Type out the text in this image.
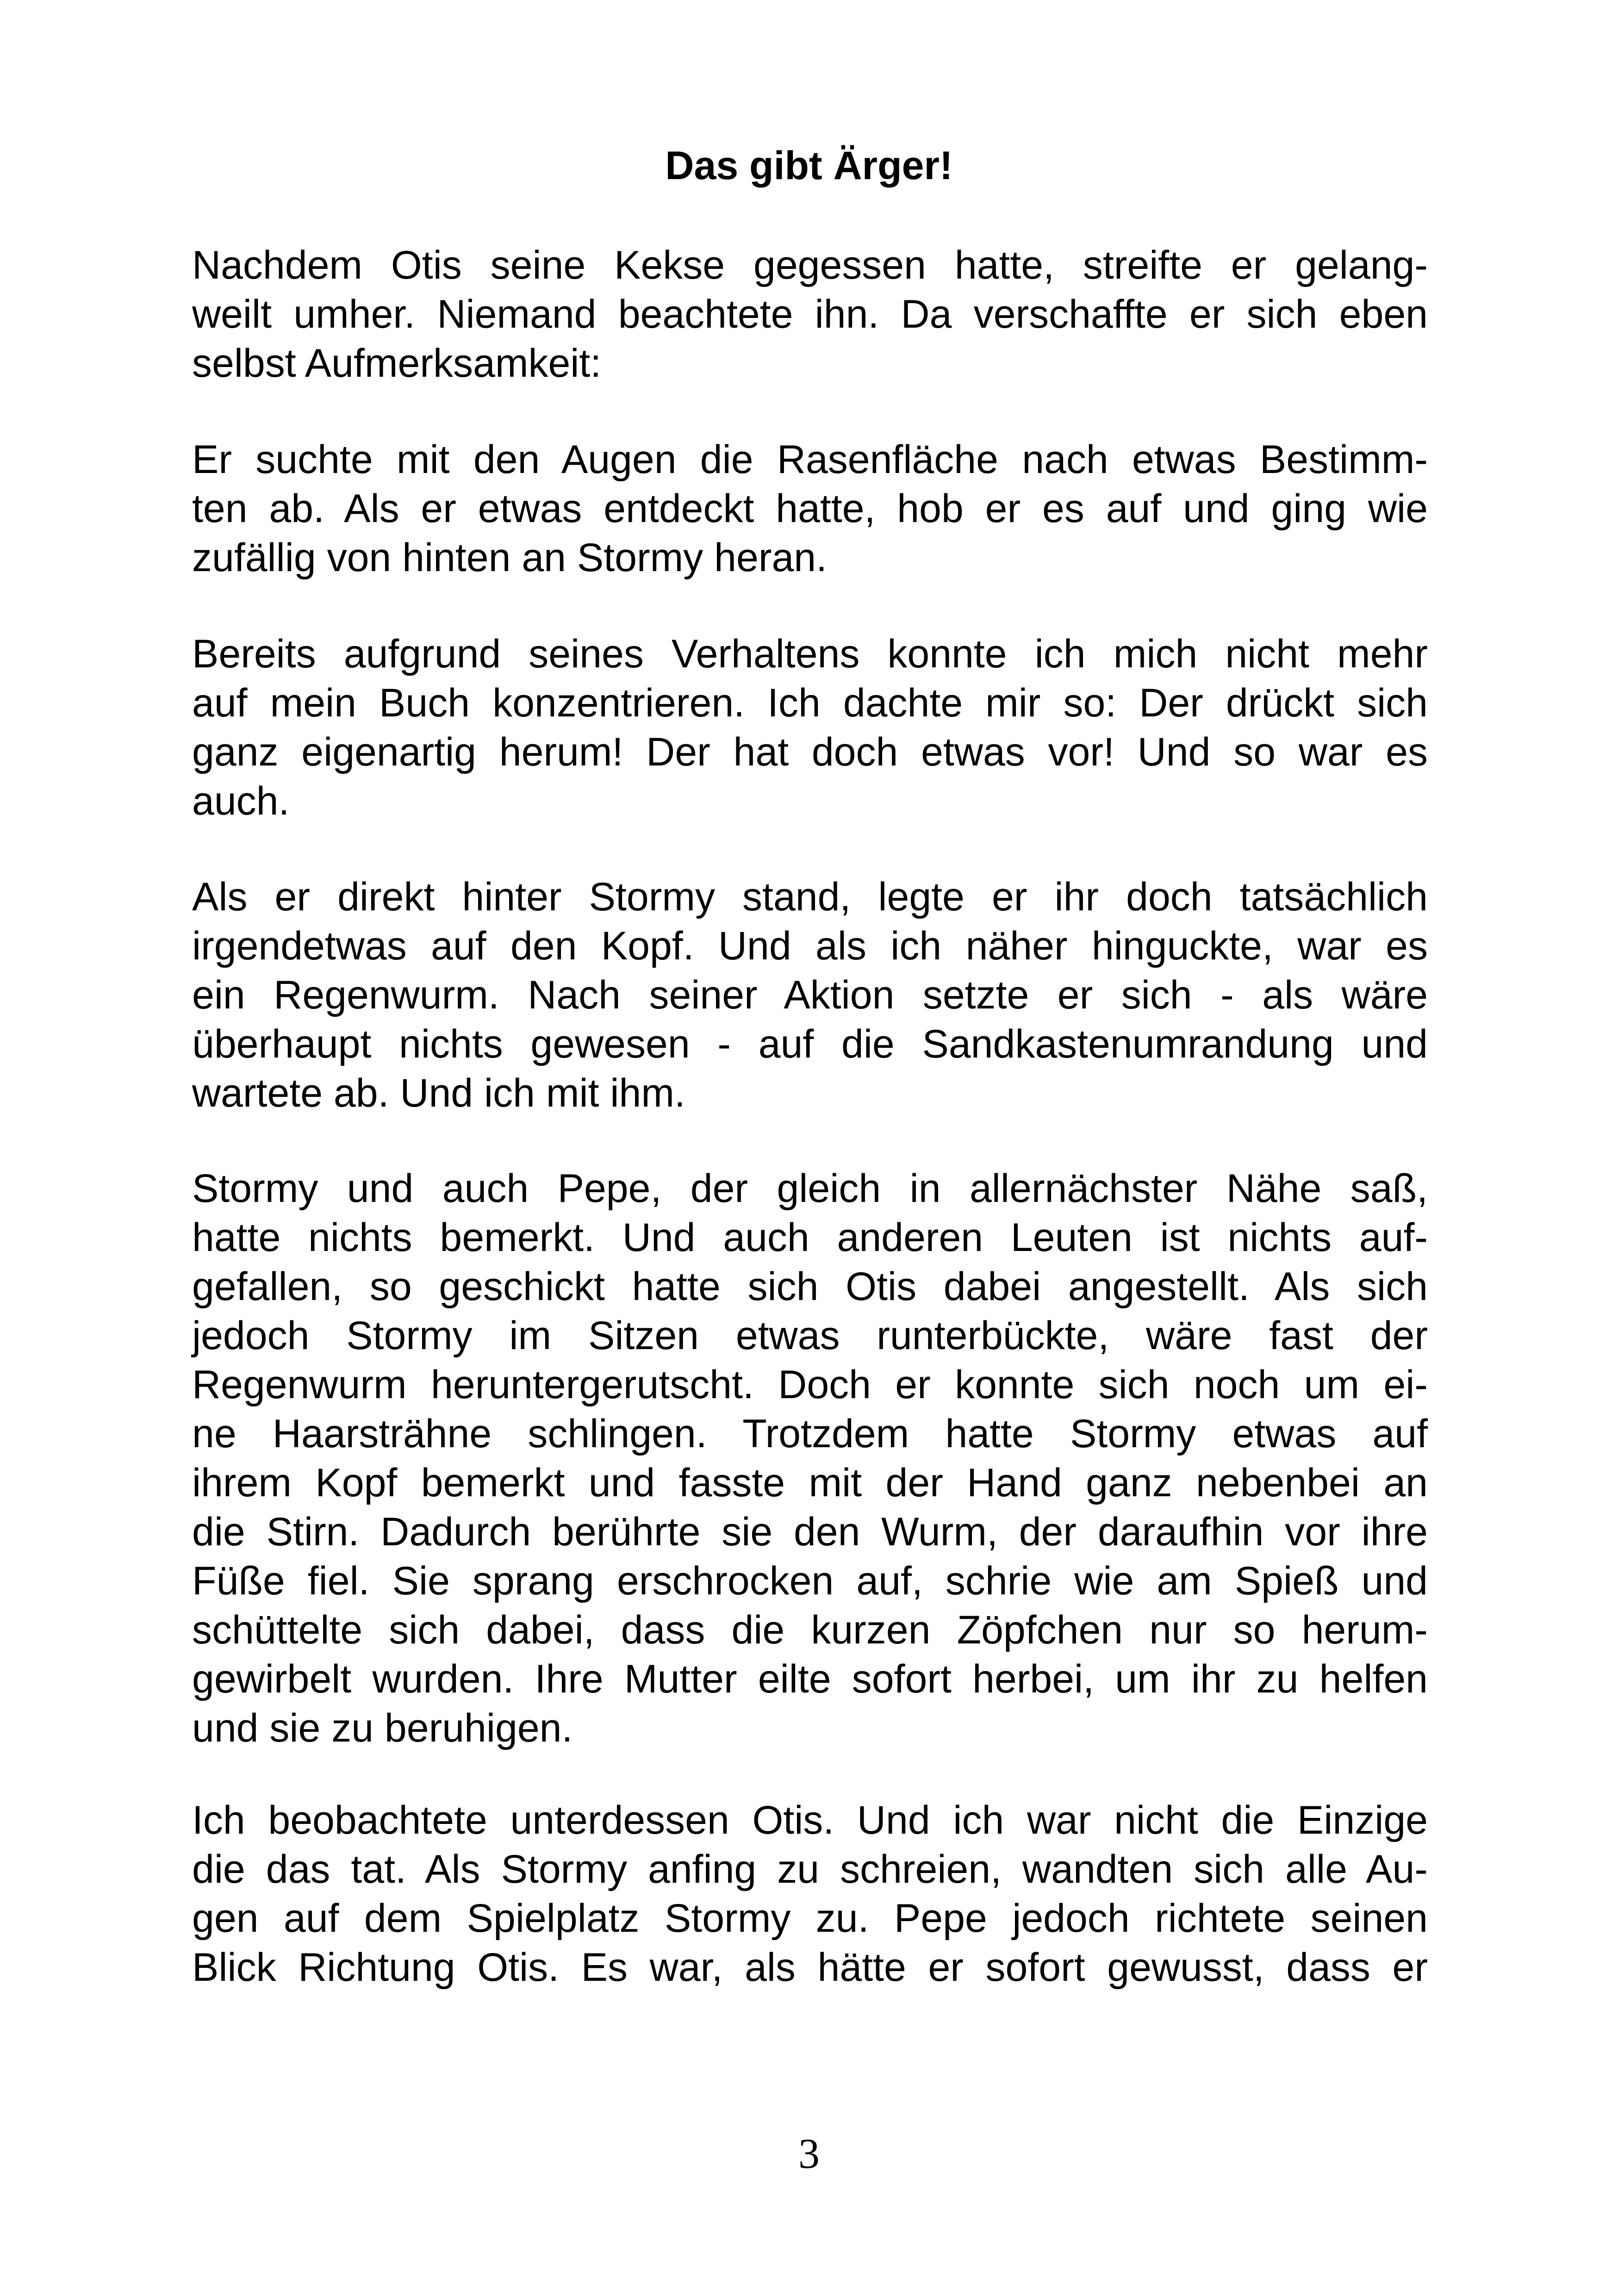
Das gibt Ärger!

Nachdem Otis seine Kekse gegessen hatte, streifte er gelang-
weilt umher. Niemand beachtete ihn. Da verschaffte er sich eben
selbst Aufmerksamkeit:

Er suchte mit den Augen die Rasenfläche nach etwas Bestimm-
ten ab. Als er etwas entdeckt hatte, hob er es auf und ging wie
zufällig von hinten an Stormy heran.

Bereits aufgrund seines Verhaltens konnte ich mich nicht mehr
auf mein Buch konzentrieren. Ich dachte mir so: Der drückt sich
ganz eigenartig herum! Der hat doch etwas vor! Und so war es
auch.

Als er direkt hinter Stormy stand, legte er ihr doch tatsächlich
irgendetwas auf den Kopf. Und als ich näher hinguckte, war es
ein Regenwurm. Nach seiner Aktion setzte er sich - als wäre
überhaupt nichts gewesen - auf die Sandkastenumrandung und
wartete ab. Und ich mit ihm.

Stormy und auch Pepe, der gleich in allernächster Nähe saß,
hatte nichts bemerkt. Und auch anderen Leuten ist nichts auf-
gefallen, so geschickt hatte sich Otis dabei angestellt. Als sich
jedoch Stormy im Sitzen etwas runterbückte, wäre fast der
Regenwurm heruntergerutscht. Doch er konnte sich noch um ei-
ne Haarsträhne schlingen. Trotzdem hatte Stormy etwas auf
ihrem Kopf bemerkt und fasste mit der Hand ganz nebenbei an
die Stirn. Dadurch berührte sie den Wurm, der daraufhin vor ihre
Füße fiel. Sie sprang erschrocken auf, schrie wie am Spieß und
schüttelte sich dabei, dass die kurzen Zöpfchen nur so herum-
gewirbelt wurden. Ihre Mutter eilte sofort herbei, um ihr zu helfen
und sie zu beruhigen.

Ich beobachtete unterdessen Otis. Und ich war nicht die Einzige
die das tat. Als Stormy anfing zu schreien, wandten sich alle Au-
gen auf dem Spielplatz Stormy zu. Pepe jedoch richtete seinen
Blick Richtung Otis. Es war, als hätte er sofort gewusst, dass er

3
